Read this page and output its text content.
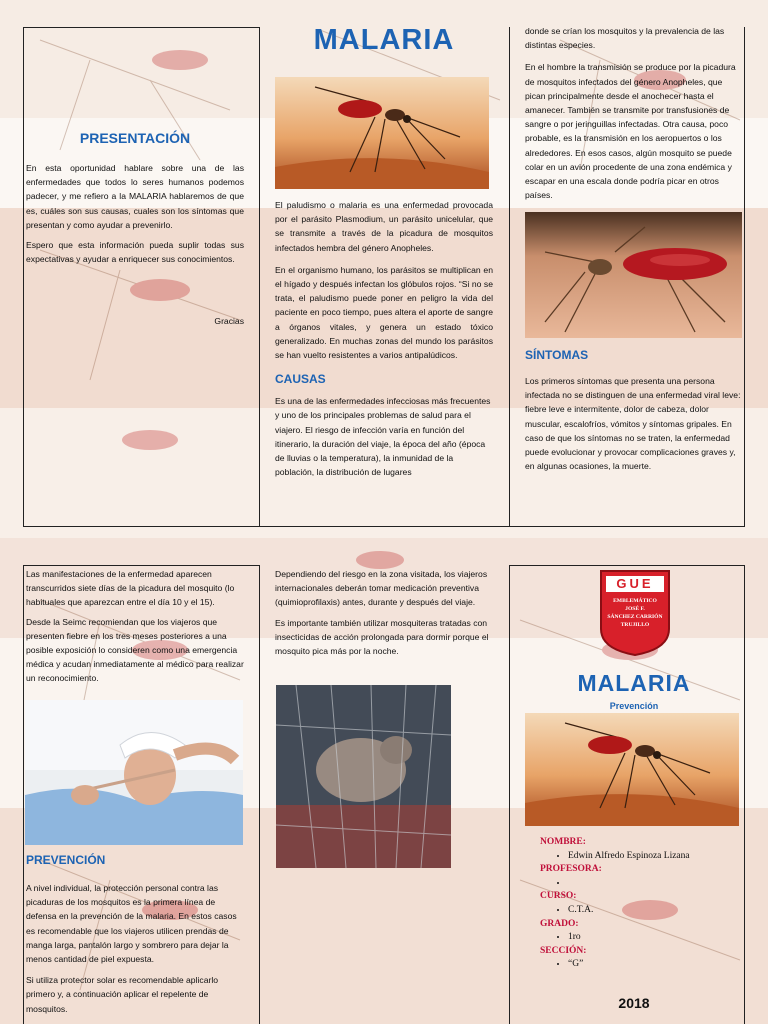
PRESENTACIÓN

En esta oportunidad hablare sobre una de las enfermedades que todos lo seres humanos podemos padecer, y me refiero a la MALARIA hablaremos de que es, cuáles son sus causas, cuales son los síntomas que presentan y como ayudar a prevenirlo.

Espero que esta información pueda suplir todas sus expectativas y ayudar a enriquecer sus conocimientos.

Gracias

MALARIA

El paludismo o malaria es una enfermedad provocada por el parásito Plasmodium, un parásito unicelular, que se transmite a través de la picadura de mosquitos infectados hembra del género Anopheles.

En el organismo humano, los parásitos se multiplican en el hígado y después infectan los glóbulos rojos. “Si no se trata, el paludismo puede poner en peligro la vida del paciente en poco tiempo, pues altera el aporte de sangre a órganos vitales, y genera un estado tóxico generalizado. En muchas zonas del mundo los parásitos se han vuelto resistentes a varios antipalúdicos.

CAUSAS

Es una de las enfermedades infecciosas más frecuentes y uno de los principales problemas de salud para el viajero. El riesgo de infección varía en función del itinerario, la duración del viaje, la época del año (época de lluvias o la temperatura), la inmunidad de la población, la distribución de lugares

donde se crían los mosquitos y la prevalencia de las distintas especies.

En el hombre la transmisión se produce por la picadura de mosquitos infectados del género Anopheles, que pican principalmente desde el anochecer hasta el amanecer. También se transmite por transfusiones de sangre o por jeringuillas infectadas. Otra causa, poco probable, es la transmisión en los aeropuertos o los alrededores. En esos casos, algún mosquito se puede colar en un avión procedente de una zona endémica y escapar en una escala donde podría picar en otros países.

SÍNTOMAS

Los primeros síntomas que presenta una persona infectada no se distinguen de una enfermedad viral leve: fiebre leve e intermitente, dolor de cabeza, dolor muscular, escalofríos, vómitos y síntomas gripales. En caso de que los síntomas no se traten, la enfermedad puede evolucionar y provocar complicaciones graves y, en algunas ocasiones, la muerte.

Las manifestaciones de la enfermedad aparecen transcurridos siete días de la picadura del mosquito (lo habituales que aparezcan entre el día 10 y el 15).

Desde la Seimc recomiendan que los viajeros que presenten fiebre en los tres meses posteriores a una posible exposición lo consideren como una emergencia médica y acudan inmediatamente al médico para realizar un reconocimiento.

PREVENCIÓN

A nivel individual, la protección personal contra las picaduras de los mosquitos es la primera línea de defensa en la prevención de la malaria. En estos casos es recomendable que los viajeros utilicen prendas de manga larga, pantalón largo y sombrero para dejar la menos cantidad de piel expuesta.

Si utiliza protector solar es recomendable aplicarlo primero y, a continuación aplicar el repelente de mosquitos.

Dependiendo del riesgo en la zona visitada, los viajeros internacionales deberán tomar medicación preventiva (quimioprofilaxis) antes, durante y después del viaje.

Es importante también utilizar mosquiteras tratadas con insecticidas de acción prolongada para dormir porque el mosquito pica más por la noche.

GUE
EMBLEMÁTICO
JOSÉ F.
SÁNCHEZ CARRIÓN
TRUJILLO
MALARIA
Prevención
NOMBRE:
• Edwin Alfredo Espinoza Lizana
PROFESORA:
•
CURSO:
• C.T.A.
GRADO:
• 1ro
SECCIÓN:
• “G”
2018
